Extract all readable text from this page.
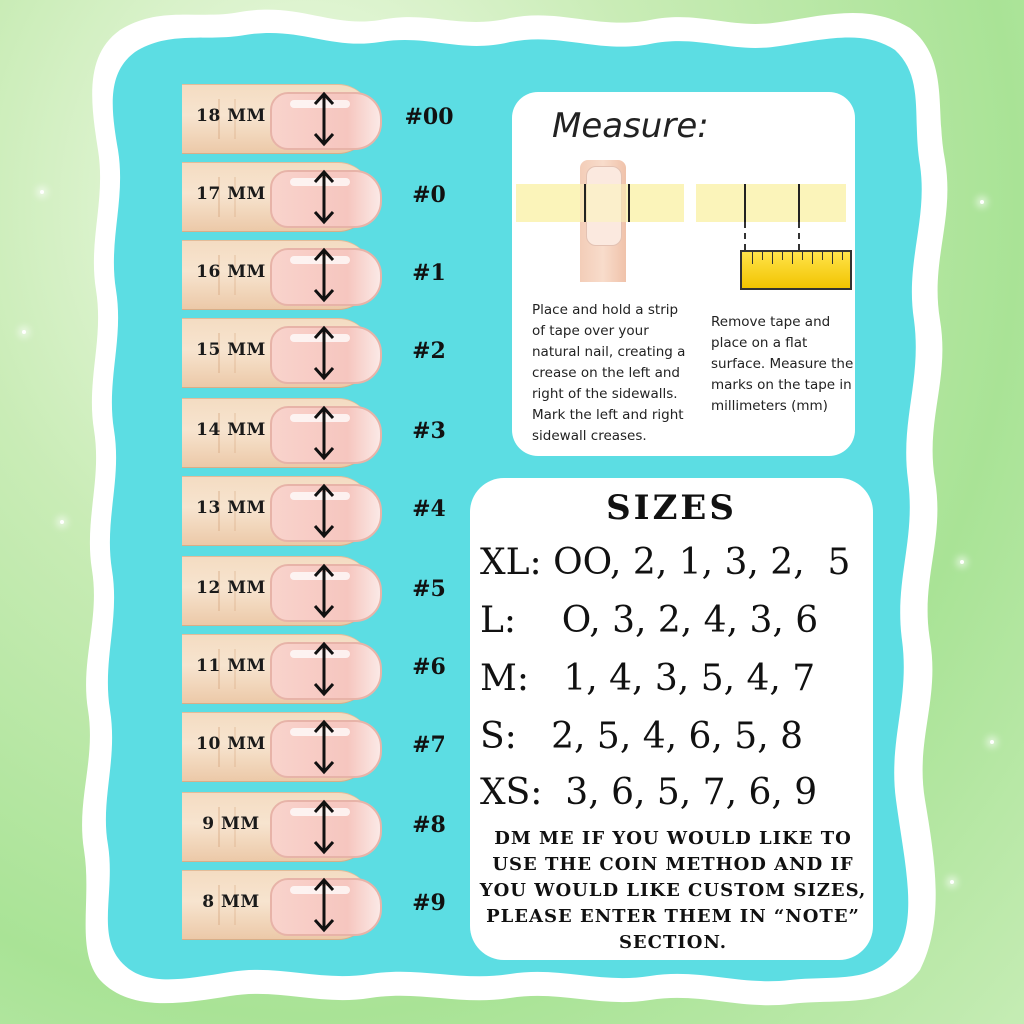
18 MM	#00
17 MM	#0
16 MM	#1
15 MM	#2
14 MM	#3
13 MM	#4
12 MM	#5
11 MM	#6
10 MM	#7
9 MM	#8
8 MM	#9
Measure:
Place and hold a strip of tape over your natural nail, creating a crease on the left and right of the sidewalls. Mark the left and right sidewall creases.
Remove tape and place on a flat surface. Measure the marks on the tape in millimeters (mm)
SIZES
XL: OO, 2, 1, 3, 2,  5
L:    O, 3, 2, 4, 3, 6
M:   1, 4, 3, 5, 4, 7
S:   2, 5, 4, 6, 5, 8
XS:  3, 6, 5, 7, 6, 9
DM ME IF YOU WOULD LIKE TO USE THE COIN METHOD AND IF YOU WOULD LIKE CUSTOM SIZES, PLEASE ENTER THEM IN “NOTE” SECTION.
